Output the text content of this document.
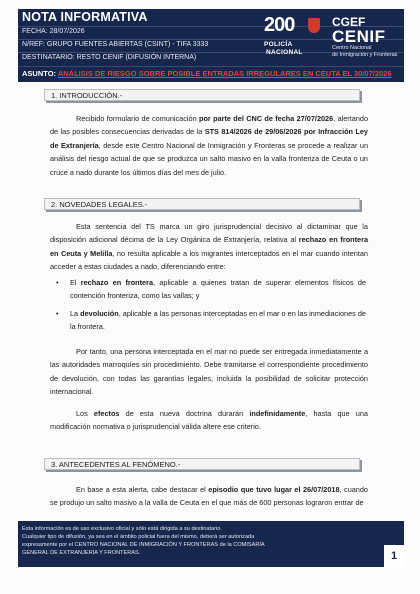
NOTA INFORMATIVA
FECHA: 28/07/2026
N/REF: GRUPO FUENTES ABIERTAS (CSINT) - TIFA 3333
DESTINATARIO: RESTO CENIF (DIFUSIÓN INTERNA)
ASUNTO: ANÁLISIS DE RIESGO SOBRE POSIBLE ENTRADAS IRREGULARES EN CEUTA EL 30/07/2026
200
POLICÍA
NACIONAL
CGEF
CENIF
Centro Nacional
de Inmigración y Fronteras
1. INTRODUCCIÓN.-
Recibido formulario de comunicación por parte del CNC de fecha 27/07/2026, alertando de las posibles consecuencias derivadas de la STS 814/2026 de 29/06/2026 por Infracción Ley de Extranjería, desde este Centro Nacional de Inmigración y Fronteras se procede a realizar un análisis del riesgo actual de que se produzca un salto masivo en la valla fronteriza de Ceuta o un cruce a nado durante los últimos días del mes de julio.
2. NOVEDADES LEGALES.-
Esta sentencia del TS marca un giro jurisprudencial decisivo al dictaminar que la disposición adicional décima de la Ley Orgánica de Extranjería, relativa al rechazo en frontera en Ceuta y Melilla, no resulta aplicable a los migrantes interceptados en el mar cuando intentan acceder a estas ciudades a nado, diferenciando entre:
• El rechazo en frontera, aplicable a quienes tratan de superar elementos físicos de contención fronteriza, como las vallas; y
• La devolución, aplicable a las personas interceptadas en el mar o en las inmediaciones de la frontera.
Por tanto, una persona interceptada en el mar no puede ser entregada inmediatamente a las autoridades marroquíes sin procedimiento. Debe tramitarse el correspondiente procedimiento de devolución, con todas las garantías legales, incluida la posibilidad de solicitar protección internacional.
Los efectos de esta nueva doctrina durarán indefinidamente, hasta que una modificación normativa o jurisprudencial válida altere ese criterio.
3. ANTECEDENTES AL FENÓMENO.-
En base a esta alerta, cabe destacar el episodio que tuvo lugar el 26/07/2018, cuando se produjo un salto masivo a la valla de Ceuta en el que más de 600 personas lograron entrar de
Esta información es de uso exclusivo oficial y sólo está dirigida a su destinatario.
Cualquier tipo de difusión, ya sea en el ámbito policial fuera del mismo, deberá ser autorizada
expresamente por el CENTRO NACIONAL DE INMIGRACIÓN Y FRONTERAS de la COMISARÍA
GENERAL DE EXTRANJERÍA Y FRONTERAS.	1
